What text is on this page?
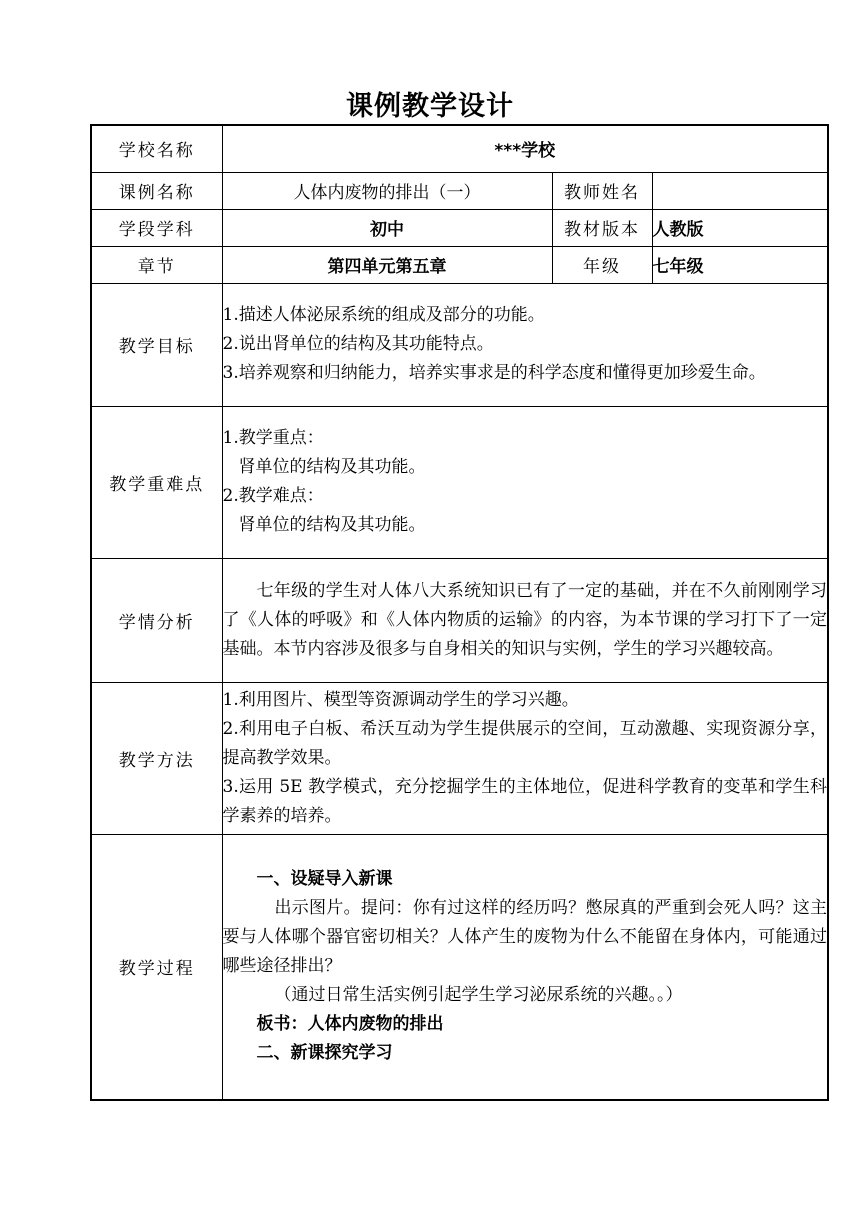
课例教学设计
学校名称	***学校		
课例名称	人体内废物的排出（一）	教师姓名	
学段学科	初中	教材版本	人教版
章节	第四单元第五章	年级	七年级
教学目标	1.描述人体泌尿系统的组成及部分的功能。
2.说出肾单位的结构及其功能特点。
3.培养观察和归纳能力，培养实事求是的科学态度和懂得更加珍爱生命。		

教学重难点	1.教学重点：
肾单位的结构及其功能。
2.教学难点：
肾单位的结构及其功能。		

学情分析	七年级的学生对人体八大系统知识已有了一定的基础，并在不久前刚刚学习了《人体的呼吸》和《人体内物质的运输》的内容，为本节课的学习打下了一定基础。本节内容涉及很多与自身相关的知识与实例，学生的学习兴趣较高。		

教学方法	1.利用图片、模型等资源调动学生的学习兴趣。
2.利用电子白板、希沃互动为学生提供展示的空间，互动激趣、实现资源分享，提高教学效果。
3.运用 5E 教学模式，充分挖掘学生的主体地位，促进科学教育的变革和学生科学素养的培养。		

教学过程	一、设疑导入新课
出示图片。提问：你有过这样的经历吗？憋尿真的严重到会死人吗？这主要与人体哪个器官密切相关？人体产生的废物为什么不能留在身体内，可能通过哪些途径排出？
（通过日常生活实例引起学生学习泌尿系统的兴趣。。）
板书：人体内废物的排出
二、新课探究学习		
